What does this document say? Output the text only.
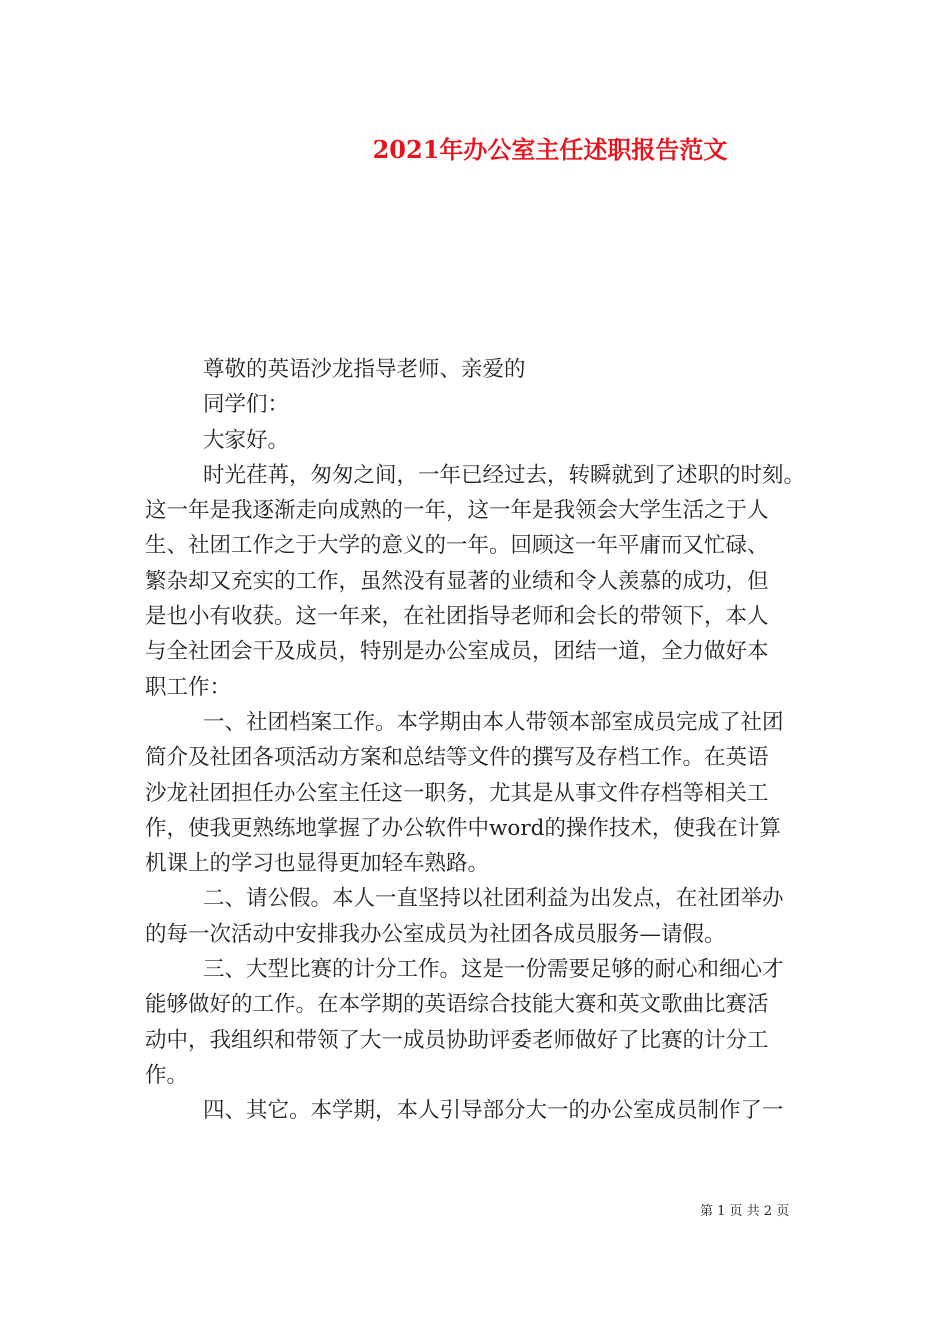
2021年办公室主任述职报告范文

尊敬的英语沙龙指导老师、亲爱的

同学们：

大家好。

时光荏苒，匆匆之间，一年已经过去，转瞬就到了述职的时刻。

这一年是我逐渐走向成熟的一年，这一年是我领会大学生活之于人

生、社团工作之于大学的意义的一年。回顾这一年平庸而又忙碌、

繁杂却又充实的工作，虽然没有显著的业绩和令人羡慕的成功，但

是也小有收获。这一年来，在社团指导老师和会长的带领下，本人

与全社团会干及成员，特别是办公室成员，团结一道，全力做好本

职工作：

一、社团档案工作。本学期由本人带领本部室成员完成了社团

简介及社团各项活动方案和总结等文件的撰写及存档工作。在英语

沙龙社团担任办公室主任这一职务，尤其是从事文件存档等相关工

作，使我更熟练地掌握了办公软件中word的操作技术，使我在计算

机课上的学习也显得更加轻车熟路。

二、请公假。本人一直坚持以社团利益为出发点，在社团举办

的每一次活动中安排我办公室成员为社团各成员服务—请假。

三、大型比赛的计分工作。这是一份需要足够的耐心和细心才

能够做好的工作。在本学期的英语综合技能大赛和英文歌曲比赛活

动中，我组织和带领了大一成员协助评委老师做好了比赛的计分工

作。

四、其它。本学期，本人引导部分大一的办公室成员制作了一

第 1 页 共 2 页
